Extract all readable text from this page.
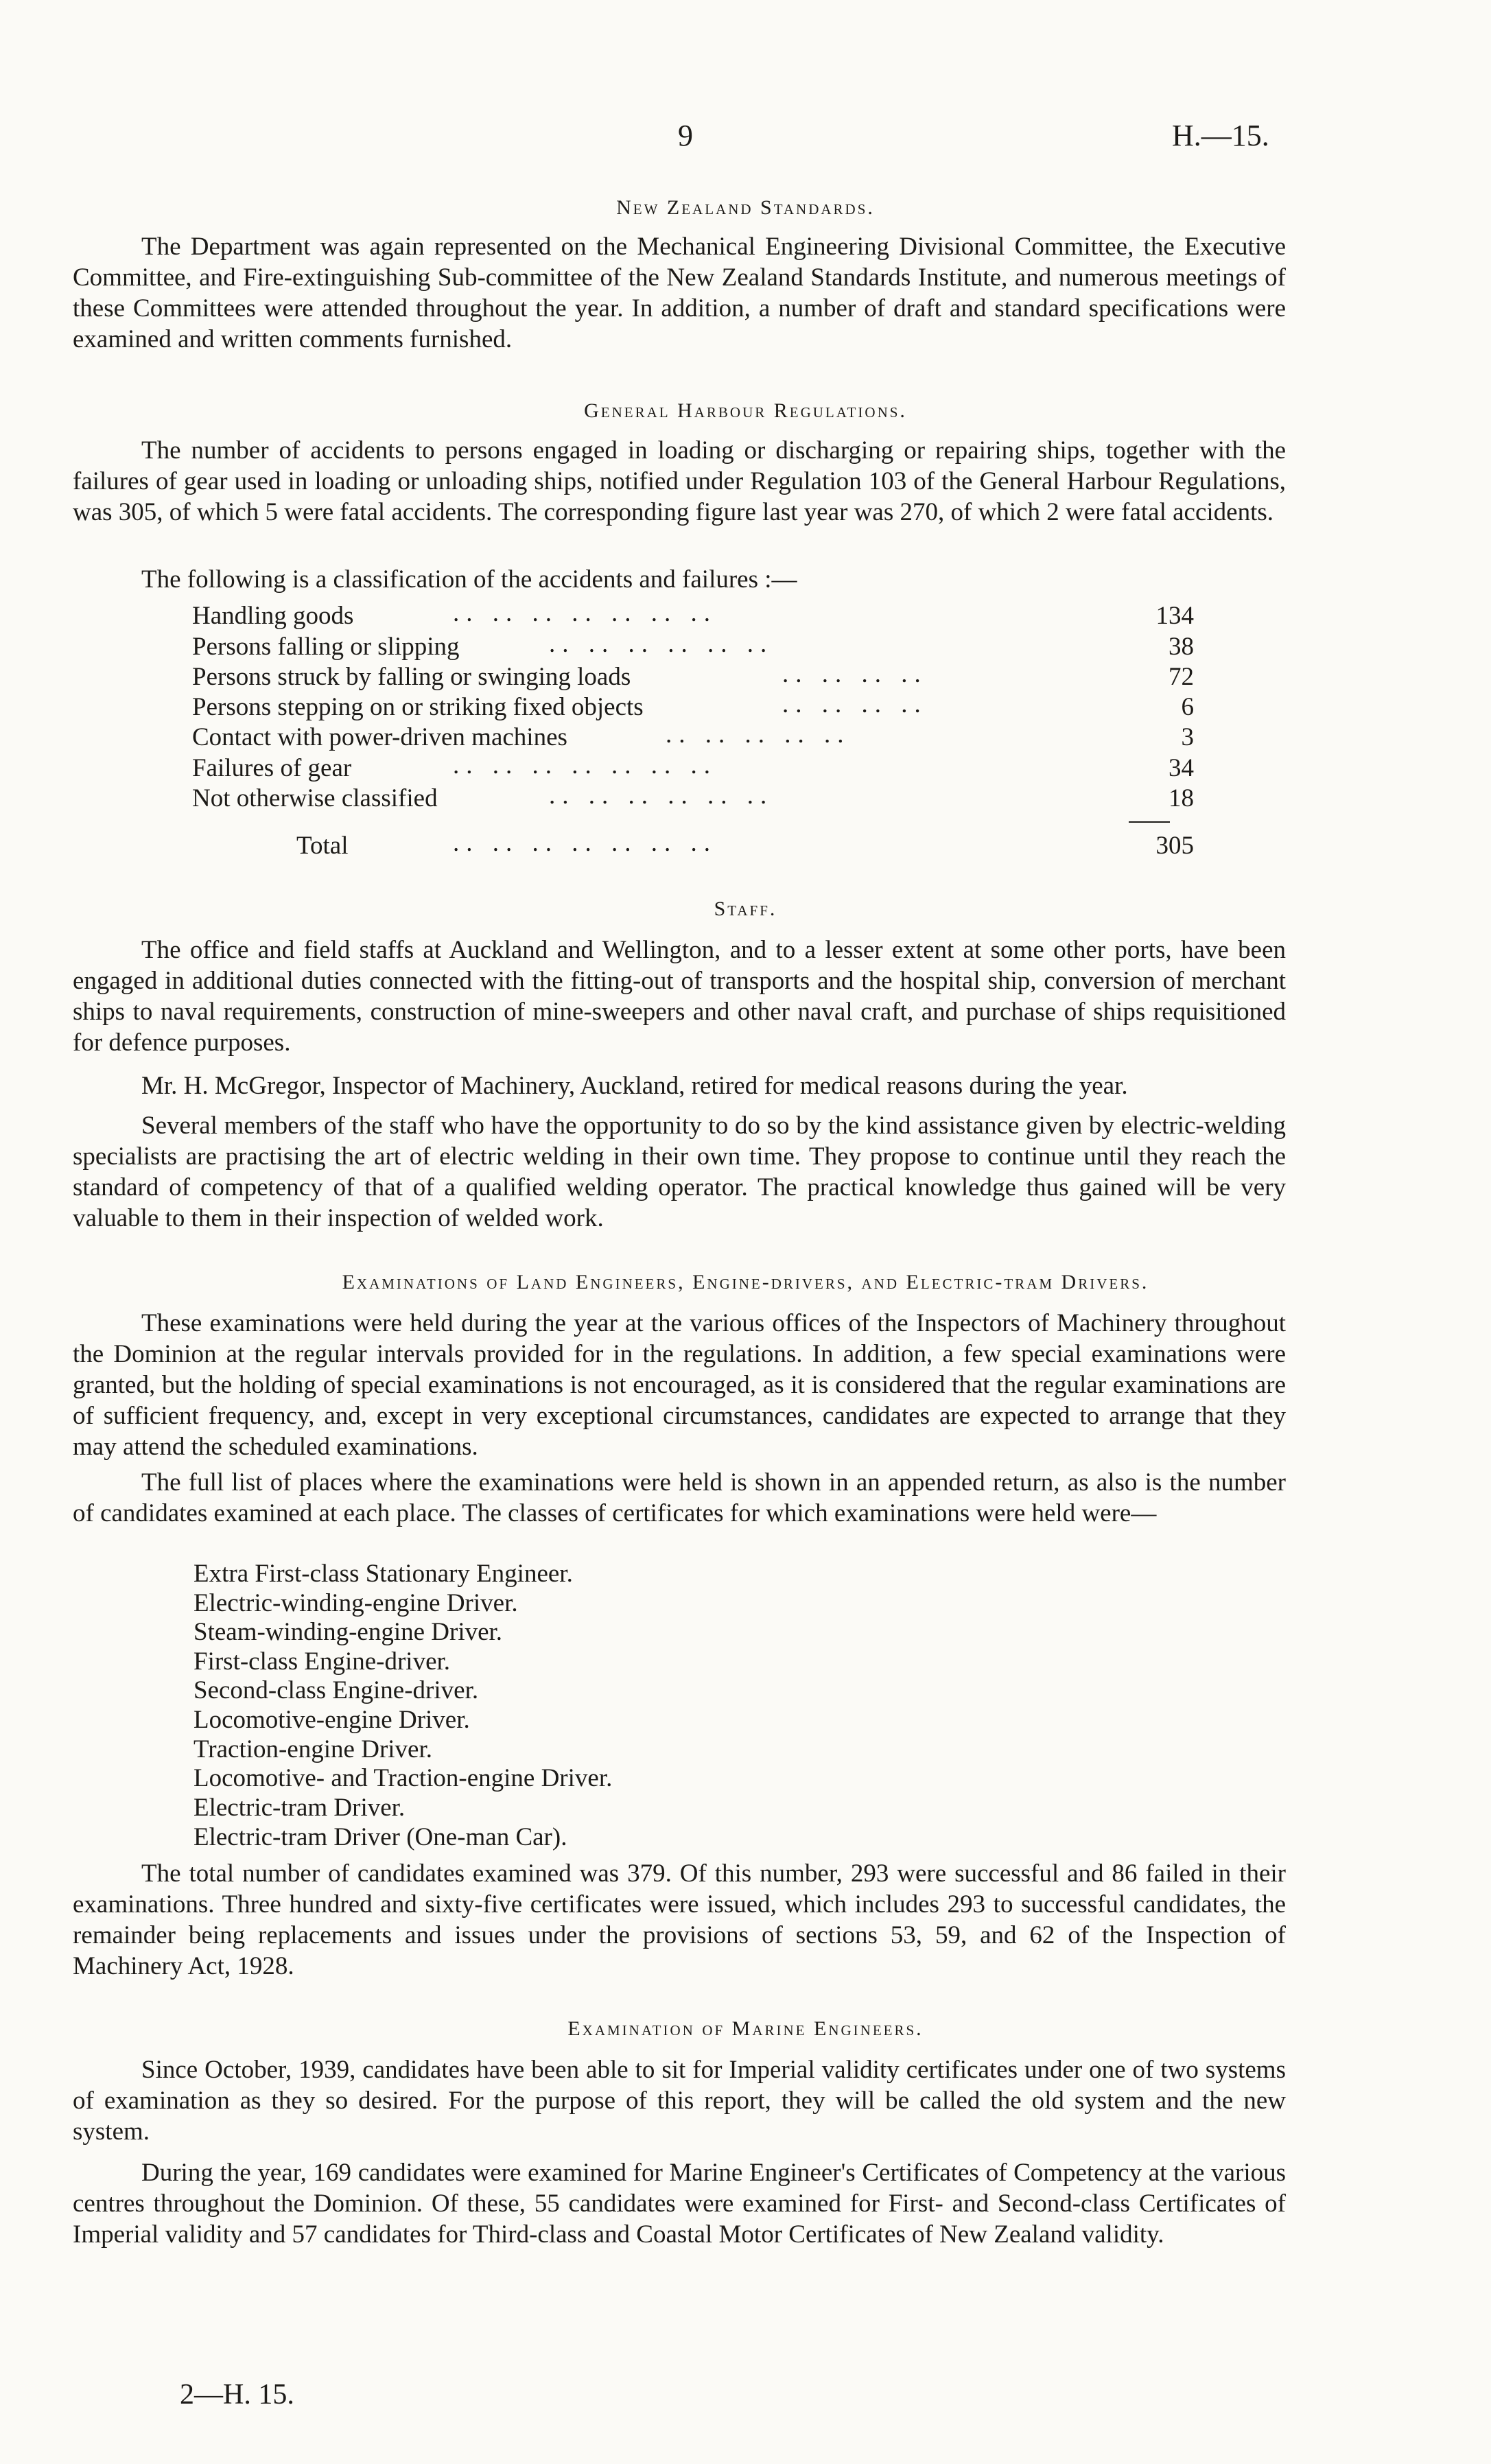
9	H.—15.
New Zealand Standards.

The Department was again represented on the Mechanical Engineering Divisional Committee, the Executive Committee, and Fire-extinguishing Sub-committee of the New Zealand Standards Institute, and numerous meetings of these Committees were attended throughout the year. In addition, a number of draft and standard specifications were examined and written comments furnished.

General Harbour Regulations.

The number of accidents to persons engaged in loading or discharging or repairing ships, together with the failures of gear used in loading or unloading ships, notified under Regulation 103 of the General Harbour Regulations, was 305, of which 5 were fatal accidents. The corresponding figure last year was 270, of which 2 were fatal accidents.

The following is a classification of the accidents and failures :—

Handling goods	.. .. .. .. .. .. ..	134
Persons falling or slipping	.. .. .. .. .. ..	38
Persons struck by falling or swinging loads	.. .. .. ..	72
Persons stepping on or striking fixed objects	.. .. .. ..	6
Contact with power-driven machines	.. .. .. .. ..	3
Failures of gear	.. .. .. .. .. .. ..	34
Not otherwise classified	.. .. .. .. .. ..	18
Total	.. .. .. .. .. .. ..	305
Staff.

The office and field staffs at Auckland and Wellington, and to a lesser extent at some other ports, have been engaged in additional duties connected with the fitting-out of transports and the hospital ship, conversion of merchant ships to naval requirements, construction of mine-sweepers and other naval craft, and purchase of ships requisitioned for defence purposes.

Mr. H. McGregor, Inspector of Machinery, Auckland, retired for medical reasons during the year.

Several members of the staff who have the opportunity to do so by the kind assistance given by electric-welding specialists are practising the art of electric welding in their own time. They propose to continue until they reach the standard of competency of that of a qualified welding operator. The practical knowledge thus gained will be very valuable to them in their inspection of welded work.

Examinations of Land Engineers, Engine-drivers, and Electric-tram Drivers.

These examinations were held during the year at the various offices of the Inspectors of Machinery throughout the Dominion at the regular intervals provided for in the regulations. In addition, a few special examinations were granted, but the holding of special examinations is not encouraged, as it is considered that the regular examinations are of sufficient frequency, and, except in very exceptional circumstances, candidates are expected to arrange that they may attend the scheduled examinations.

The full list of places where the examinations were held is shown in an appended return, as also is the number of candidates examined at each place. The classes of certificates for which examinations were held were—

Extra First-class Stationary Engineer.
Electric-winding-engine Driver.
Steam-winding-engine Driver.
First-class Engine-driver.
Second-class Engine-driver.
Locomotive-engine Driver.
Traction-engine Driver.
Locomotive- and Traction-engine Driver.
Electric-tram Driver.
Electric-tram Driver (One-man Car).

The total number of candidates examined was 379. Of this number, 293 were successful and 86 failed in their examinations. Three hundred and sixty-five certificates were issued, which includes 293 to successful candidates, the remainder being replacements and issues under the provisions of sections 53, 59, and 62 of the Inspection of Machinery Act, 1928.

Examination of Marine Engineers.

Since October, 1939, candidates have been able to sit for Imperial validity certificates under one of two systems of examination as they so desired. For the purpose of this report, they will be called the old system and the new system.

During the year, 169 candidates were examined for Marine Engineer's Certificates of Competency at the various centres throughout the Dominion. Of these, 55 candidates were examined for First- and Second-class Certificates of Imperial validity and 57 candidates for Third-class and Coastal Motor Certificates of New Zealand validity.

2—H. 15.
